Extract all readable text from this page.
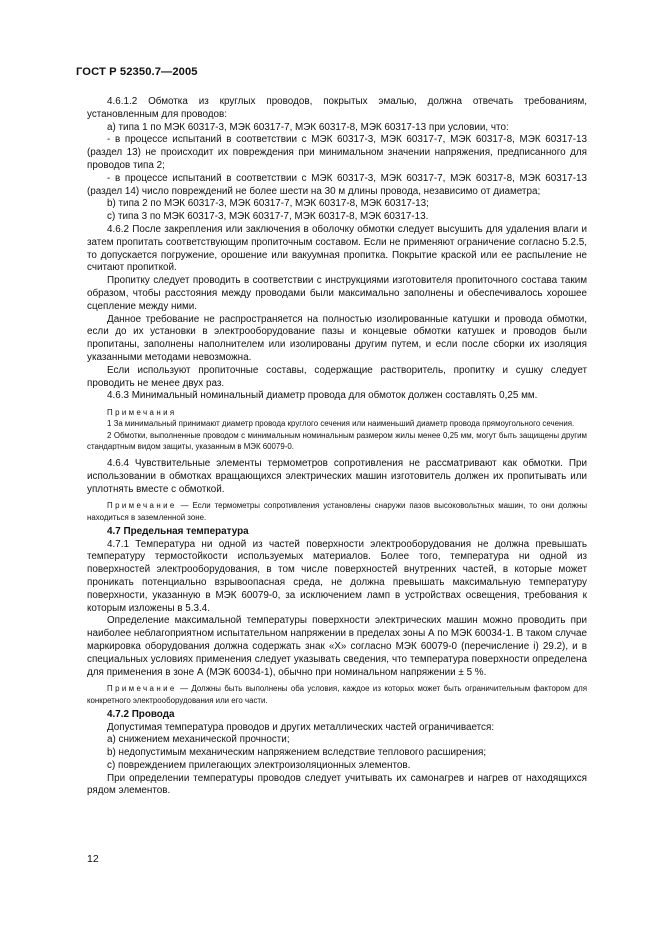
ГОСТ Р 52350.7—2005

4.6.1.2 Обмотка из круглых проводов, покрытых эмалью, должна отвечать требованиям, установленным для проводов:

а) типа 1 по МЭК 60317-3, МЭК 60317-7, МЭК 60317-8, МЭК 60317-13 при условии, что:

- в процессе испытаний в соответствии с МЭК 60317-3, МЭК 60317-7, МЭК 60317-8, МЭК 60317-13 (раздел 13) не происходит их повреждения при минимальном значении напряжения, предписанного для проводов типа 2;

- в процессе испытаний в соответствии с МЭК 60317-3, МЭК 60317-7, МЭК 60317-8, МЭК 60317-13 (раздел 14) число повреждений не более шести на 30 м длины провода, независимо от диаметра;

b) типа 2 по МЭК 60317-3, МЭК 60317-7, МЭК 60317-8, МЭК 60317-13;

с) типа 3 по МЭК 60317-3, МЭК 60317-7, МЭК 60317-8, МЭК 60317-13.

4.6.2 После закрепления или заключения в оболочку обмотки следует высушить для удаления влаги и затем пропитать соответствующим пропиточным составом. Если не применяют ограничение согласно 5.2.5, то допускается погружение, орошение или вакуумная пропитка. Покрытие краской или ее распыление не считают пропиткой.

Пропитку следует проводить в соответствии с инструкциями изготовителя пропиточного состава таким образом, чтобы расстояния между проводами были максимально заполнены и обеспечивалось хорошее сцепление между ними.

Данное требование не распространяется на полностью изолированные катушки и провода обмотки, если до их установки в электрооборудование пазы и концевые обмотки катушек и проводов были пропитаны, заполнены наполнителем или изолированы другим путем, и если после сборки их изоляция указанными методами невозможна.

Если используют пропиточные составы, содержащие растворитель, пропитку и сушку следует проводить не менее двух раз.

4.6.3 Минимальный номинальный диаметр провода для обмоток должен составлять 0,25 мм.

Примечания

1 За минимальный принимают диаметр провода круглого сечения или наименьший диаметр провода прямоугольного сечения.

2 Обмотки, выполненные проводом с минимальным номинальным размером жилы менее 0,25 мм, могут быть защищены другим стандартным видом защиты, указанным в МЭК 60079-0.

4.6.4 Чувствительные элементы термометров сопротивления не рассматривают как обмотки. При использовании в обмотках вращающихся электрических машин изготовитель должен их пропитывать или уплотнять вместе с обмоткой.

Примечание — Если термометры сопротивления установлены снаружи пазов высоковольтных машин, то они должны находиться в заземленной зоне.

4.7 Предельная температура

4.7.1 Температура ни одной из частей поверхности электрооборудования не должна превышать температуру термостойкости используемых материалов. Более того, температура ни одной из поверхностей электрооборудования, в том числе поверхностей внутренних частей, в которые может проникать потенциально взрывоопасная среда, не должна превышать максимальную температуру поверхности, указанную в МЭК 60079-0, за исключением ламп в устройствах освещения, требования к которым изложены в 5.3.4.

Определение максимальной температуры поверхности электрических машин можно проводить при наиболее неблагоприятном испытательном напряжении в пределах зоны А по МЭК 60034-1. В таком случае маркировка оборудования должна содержать знак «X» согласно МЭК 60079-0 (перечисление i) 29.2), и в специальных условиях применения следует указывать сведения, что температура поверхности определена для применения в зоне А (МЭК 60034-1), обычно при номинальном напряжении ± 5 %.

Примечание — Должны быть выполнены оба условия, каждое из которых может быть ограничительным фактором для конкретного электрооборудования или его части.

4.7.2 Провода

Допустимая температура проводов и других металлических частей ограничивается:

а) снижением механической прочности;

b) недопустимым механическим напряжением вследствие теплового расширения;

с) повреждением прилегающих электроизоляционных элементов.

При определении температуры проводов следует учитывать их самонагрев и нагрев от находящихся рядом элементов.

12
